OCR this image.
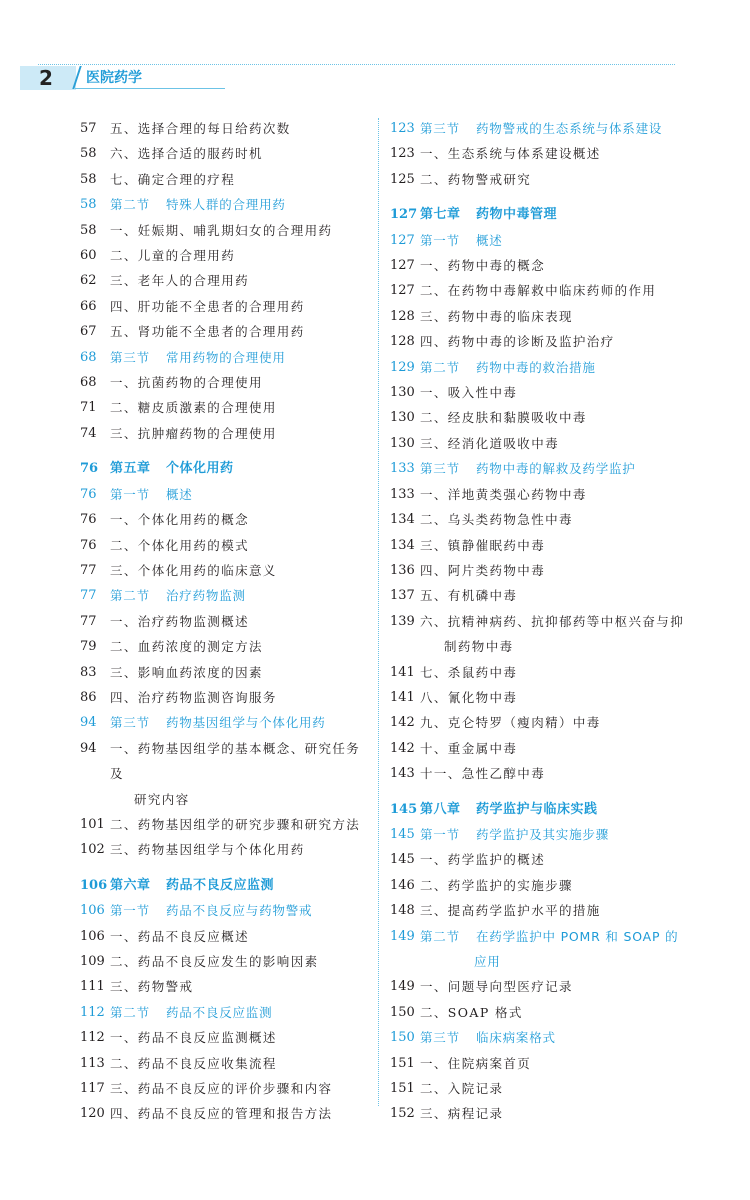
2	医院药学
57	五、选择合理的每日给药次数
58	六、选择合适的服药时机
58	七、确定合理的疗程
58	第二节 特殊人群的合理用药
58	一、妊娠期、哺乳期妇女的合理用药
60	二、儿童的合理用药
62	三、老年人的合理用药
66	四、肝功能不全患者的合理用药
67	五、肾功能不全患者的合理用药
68	第三节 常用药物的合理使用
68	一、抗菌药物的合理使用
71	二、糖皮质激素的合理使用
74	三、抗肿瘤药物的合理使用
76 第五章 个体化用药
76	第一节 概述
76	一、个体化用药的概念
76	二、个体化用药的模式
77	三、个体化用药的临床意义
77	第二节 治疗药物监测
77	一、治疗药物监测概述
79	二、血药浓度的测定方法
83	三、影响血药浓度的因素
86	四、治疗药物监测咨询服务
94	第三节 药物基因组学与个体化用药
94	一、药物基因组学的基本概念、研究任务及
研究内容
101 二、药物基因组学的研究步骤和研究方法
102 三、药物基因组学与个体化用药
106 第六章 药品不良反应监测
106 第一节 药品不良反应与药物警戒
106 一、药品不良反应概述
109 二、药品不良反应发生的影响因素
111 三、药物警戒
112 第二节 药品不良反应监测
112 一、药品不良反应监测概述
113 二、药品不良反应收集流程
117 三、药品不良反应的评价步骤和内容
120 四、药品不良反应的管理和报告方法
123 第三节 药物警戒的生态系统与体系建设
123 一、生态系统与体系建设概述
125 二、药物警戒研究
127 第七章 药物中毒管理
127 第一节 概述
127 一、药物中毒的概念
127 二、在药物中毒解救中临床药师的作用
128 三、药物中毒的临床表现
128 四、药物中毒的诊断及监护治疗
129 第二节 药物中毒的救治措施
130 一、吸入性中毒
130 二、经皮肤和黏膜吸收中毒
130 三、经消化道吸收中毒
133 第三节 药物中毒的解救及药学监护
133 一、洋地黄类强心药物中毒
134 二、乌头类药物急性中毒
134 三、镇静催眠药中毒
136 四、阿片类药物中毒
137 五、有机磷中毒
139 六、抗精神病药、抗抑郁药等中枢兴奋与抑
制药物中毒
141 七、杀鼠药中毒
141 八、氰化物中毒
142 九、克仑特罗（瘦肉精）中毒
142 十、重金属中毒
143 十一、急性乙醇中毒
145 第八章 药学监护与临床实践
145 第一节 药学监护及其实施步骤
145 一、药学监护的概述
146 二、药学监护的实施步骤
148 三、提高药学监护水平的措施
149 第二节 在药学监护中 POMR 和 SOAP 的
应用
149 一、问题导向型医疗记录
150 二、SOAP 格式
150 第三节 临床病案格式
151 一、住院病案首页
151 二、入院记录
152 三、病程记录
